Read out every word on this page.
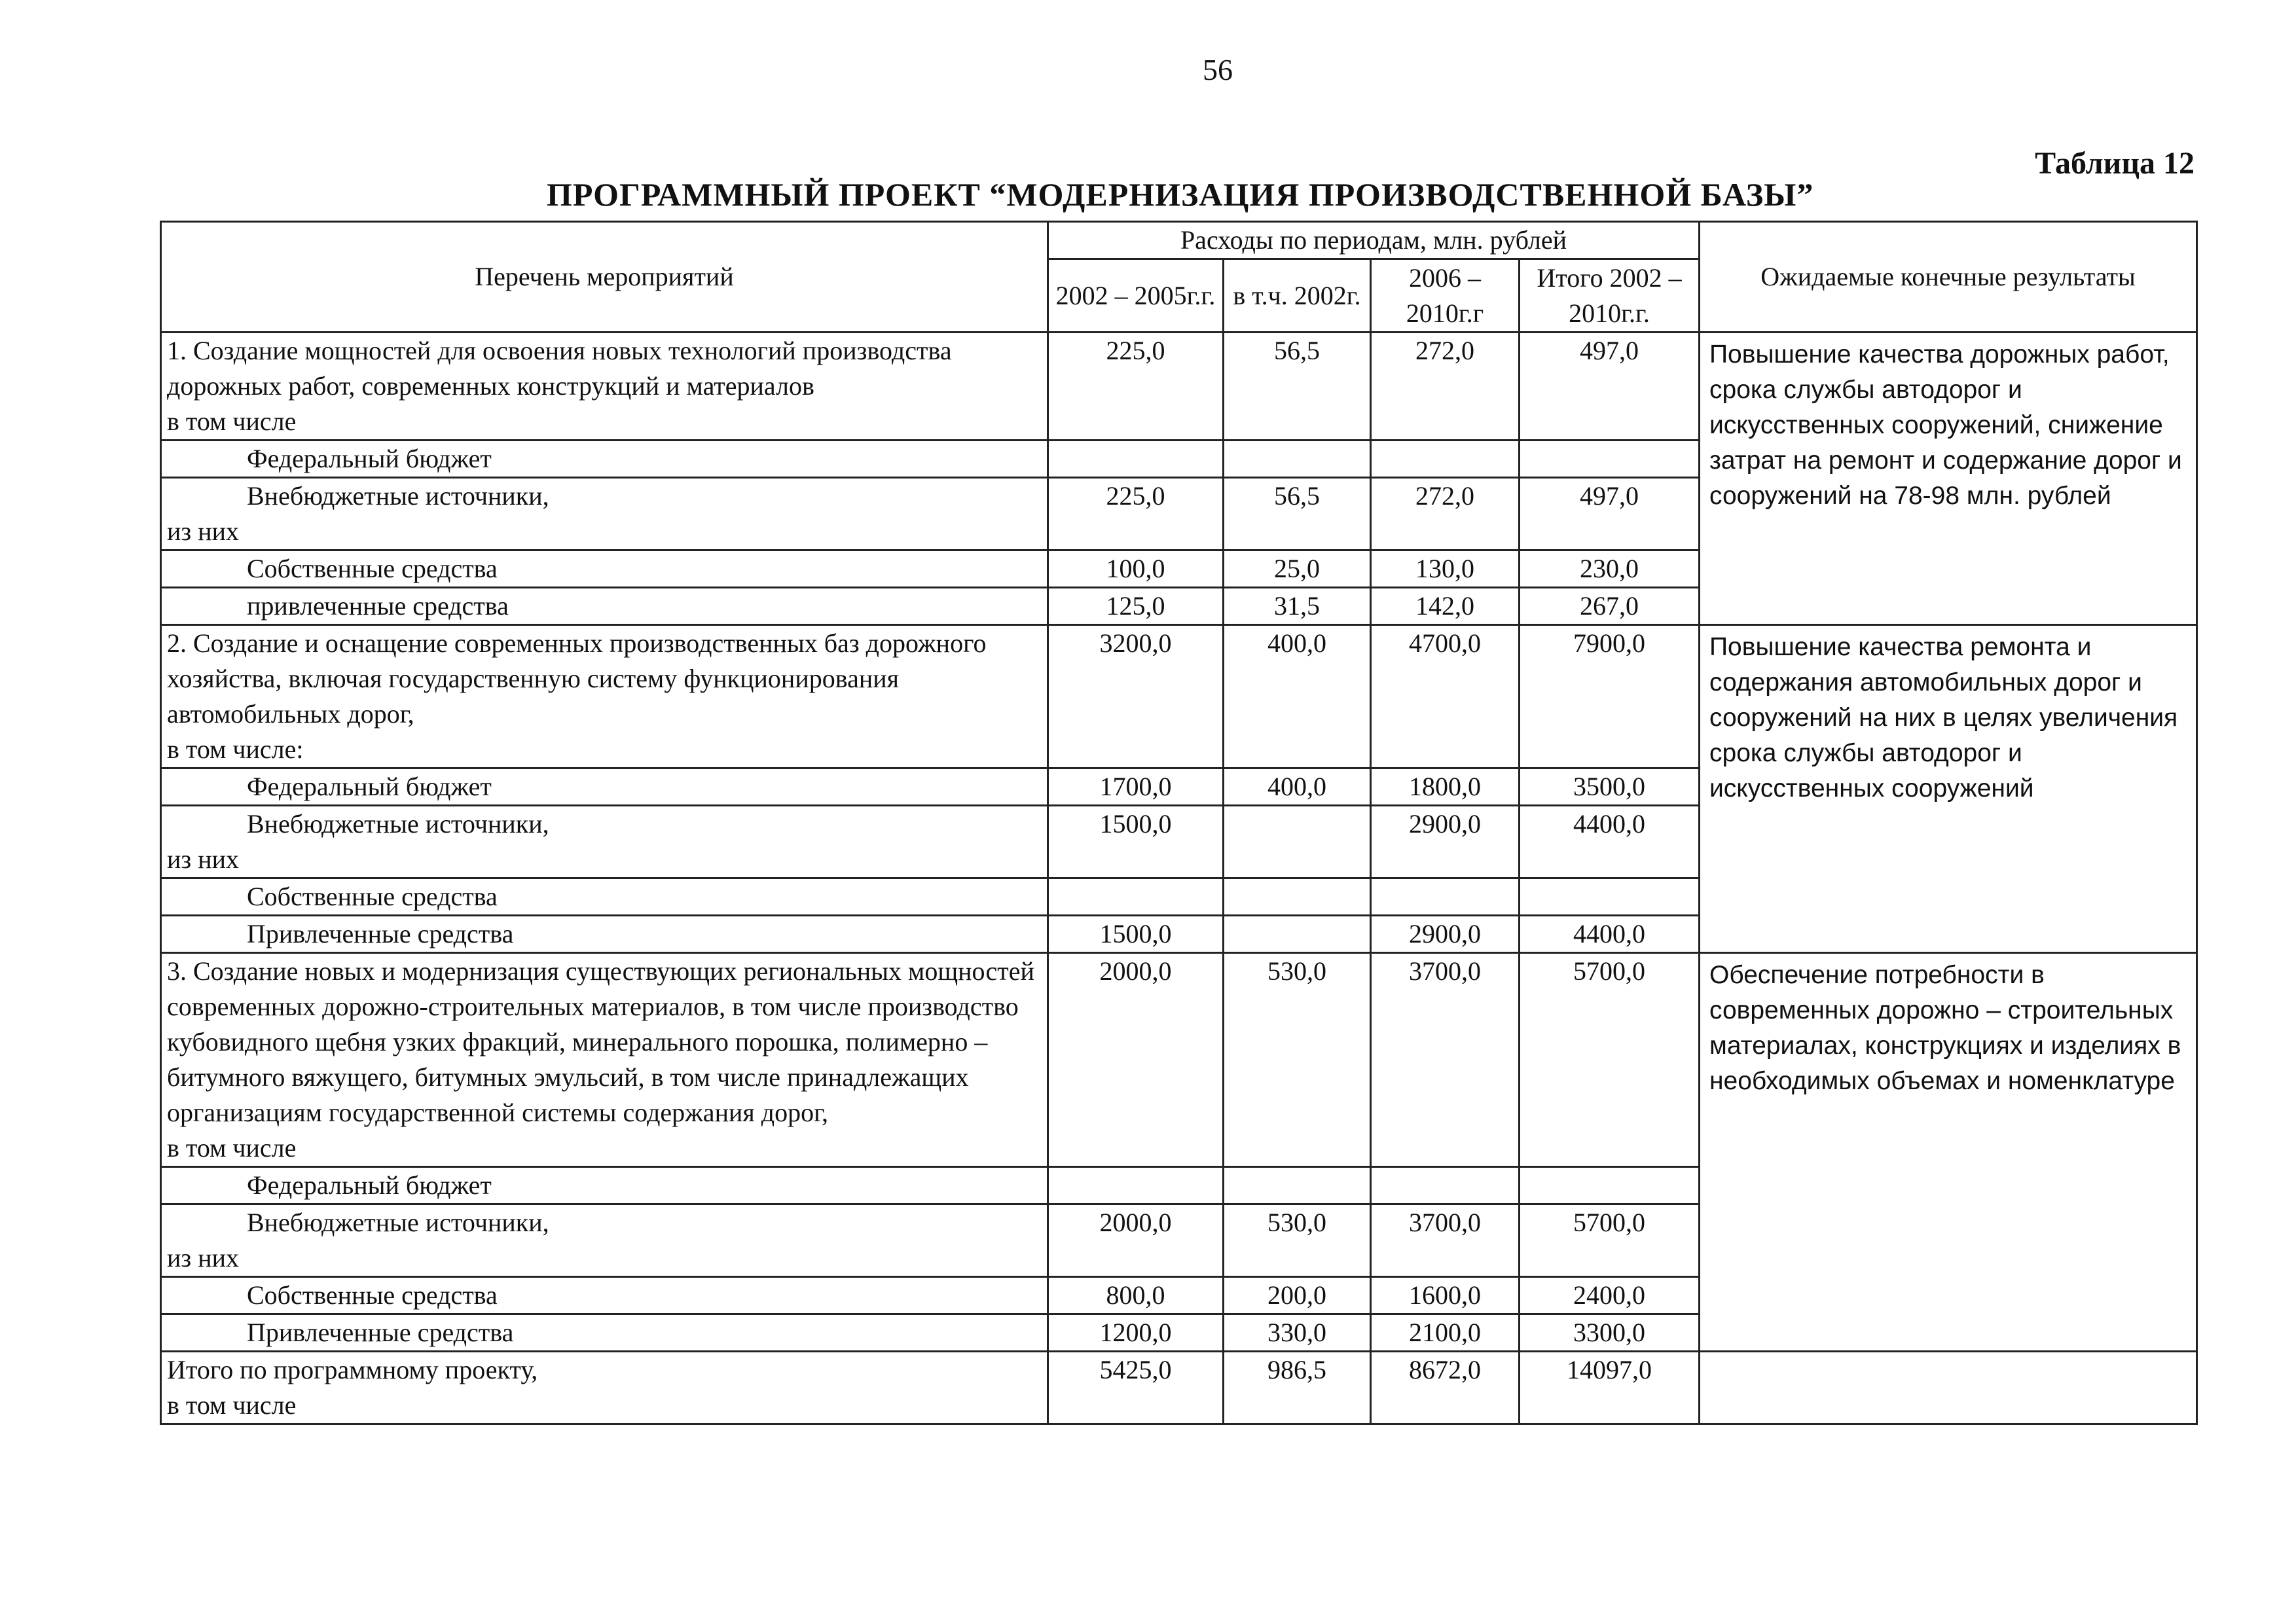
56
Таблица 12
ПРОГРАММНЫЙ ПРОЕКТ “МОДЕРНИЗАЦИЯ ПРОИЗВОДСТВЕННОЙ БАЗЫ”
Перечень мероприятий	Расходы по периодам, млн. рублей				Ожидаемые конечные результаты
	2002 – 2005г.г.	в т.ч. 2002г.	2006 – 2010г.г	Итого 2002 –2010г.г.	

1. Создание мощностей для освоения новых технологий производства дорожных работ, современных конструкций и материалов
в том числе	225,0	56,5	272,0	497,0	Повышение качества дорожных работ, срока службы автодорог и искусственных сооружений, снижение затрат на ремонт и содержание дорог и сооружений на 78-98 млн. рублей

Федеральный бюджет					

Внебюджетные источники,
из них	225,0	56,5	272,0	497,0	

Собственные средства	100,0	25,0	130,0	230,0	

привлеченные средства	125,0	31,5	142,0	267,0	

2. Создание и оснащение современных производственных баз дорожного хозяйства, включая государственную систему функционирования автомобильных дорог,
в том числе:	3200,0	400,0	4700,0	7900,0	Повышение качества ремонта и содержания автомобильных дорог и сооружений на них в целях увеличения срока службы автодорог и искусственных сооружений

Федеральный бюджет	1700,0	400,0	1800,0	3500,0	

Внебюджетные источники,
из них	1500,0		2900,0	4400,0	

Собственные средства					

Привлеченные средства	1500,0		2900,0	4400,0	

3. Создание новых и модернизация существующих региональных мощностей современных дорожно-строительных материалов, в том числе производство кубовидного щебня узких фракций, минерального порошка, полимерно – битумного вяжущего, битумных эмульсий, в том числе принадлежащих организациям государственной системы содержания дорог,
в том числе	2000,0	530,0	3700,0	5700,0	Обеспечение потребности в современных дорожно – строительных материалах, конструкциях и изделиях в необходимых объемах и номенклатуре

Федеральный бюджет					

Внебюджетные источники,
из них	2000,0	530,0	3700,0	5700,0	

Собственные средства	800,0	200,0	1600,0	2400,0	

Привлеченные средства	1200,0	330,0	2100,0	3300,0	

Итого по программному проекту,
в том числе	5425,0	986,5	8672,0	14097,0	
